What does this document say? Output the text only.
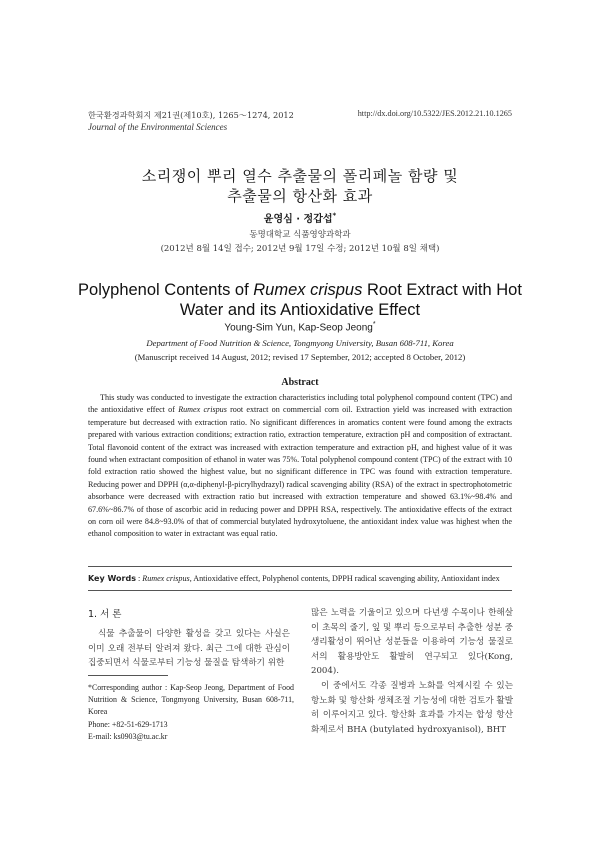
한국환경과학회지 제21권(제10호), 1265～1274, 2012
Journal of the Environmental Sciences
http://dx.doi.org/10.5322/JES.2012.21.10.1265
소리쟁이 뿌리 열수 추출물의 폴리페놀 함량 및
추출물의 항산화 효과
윤영심 · 정갑섭*
동명대학교 식품영양과학과
(2012년 8월 14일 접수; 2012년 9월 17일 수정; 2012년 10월 8일 채택)
Polyphenol Contents of Rumex crispus Root Extract with Hot
Water and its Antioxidative Effect
Young-Sim Yun, Kap-Seop Jeong*
Department of Food Nutrition & Science, Tongmyong University, Busan 608-711, Korea
(Manuscript received 14 August, 2012; revised 17 September, 2012; accepted 8 October, 2012)
Abstract

This study was conducted to investigate the extraction characteristics including total polyphenol compound content (TPC) and the antioxidative effect of Rumex crispus root extract on commercial corn oil. Extraction yield was increased with extraction temperature but decreased with extraction ratio. No significant differences in aromatics content were found among the extracts prepared with various extraction conditions; extraction ratio, extraction temperature, extraction pH and composition of extractant. Total flavonoid content of the extract was increased with extraction temperature and extraction pH, and highest value of it was found when extractant composition of ethanol in water was 75%. Total polyphenol compound content (TPC) of the extract with 10 fold extraction ratio showed the highest value, but no significant difference in TPC was found with extraction temperature. Reducing power and DPPH (α,α-diphenyl-β-picrylhydrazyl) radical scavenging ability (RSA) of the extract in spectrophotometric absorbance were decreased with extraction ratio but increased with extraction temperature and showed 63.1%~98.4% and 67.6%~86.7% of those of ascorbic acid in reducing power and DPPH RSA, respectively. The antioxidative effects of the extract on corn oil were 84.8~93.0% of that of commercial butylated hydroxytoluene, the antioxidant index value was highest when the ethanol composition to water in extractant was equal ratio.

Key Words : Rumex crispus, Antioxidative effect, Polyphenol contents, DPPH radical scavenging ability, Antioxidant index
1. 서 론

식물 추출물이 다양한 활성을 갖고 있다는 사실은 이미 오래 전부터 알려져 왔다. 최근 그에 대한 관심이 집중되면서 식물로부터 기능성 물질을 탐색하기 위한

*Corresponding author : Kap-Seop Jeong, Department of Food Nutrition & Science, Tongmyong University, Busan 608-711, Korea
Phone: +82-51-629-1713
E-mail: ks0903@tu.ac.kr

많은 노력을 기울이고 있으며 다년생 수목이나 한해살이 초목의 줄기, 잎 및 뿌리 등으로부터 추출한 성분 중 생리활성이 뛰어난 성분들을 이용하여 기능성 물질로서의 활용방안도 활발히 연구되고 있다(Kong, 2004).

이 중에서도 각종 질병과 노화를 억제시킬 수 있는 항노화 및 항산화 생체조절 기능성에 대한 검토가 활발히 이루어지고 있다. 항산화 효과를 가지는 합성 항산화제로서 BHA (butylated hydroxyanisol), BHT
